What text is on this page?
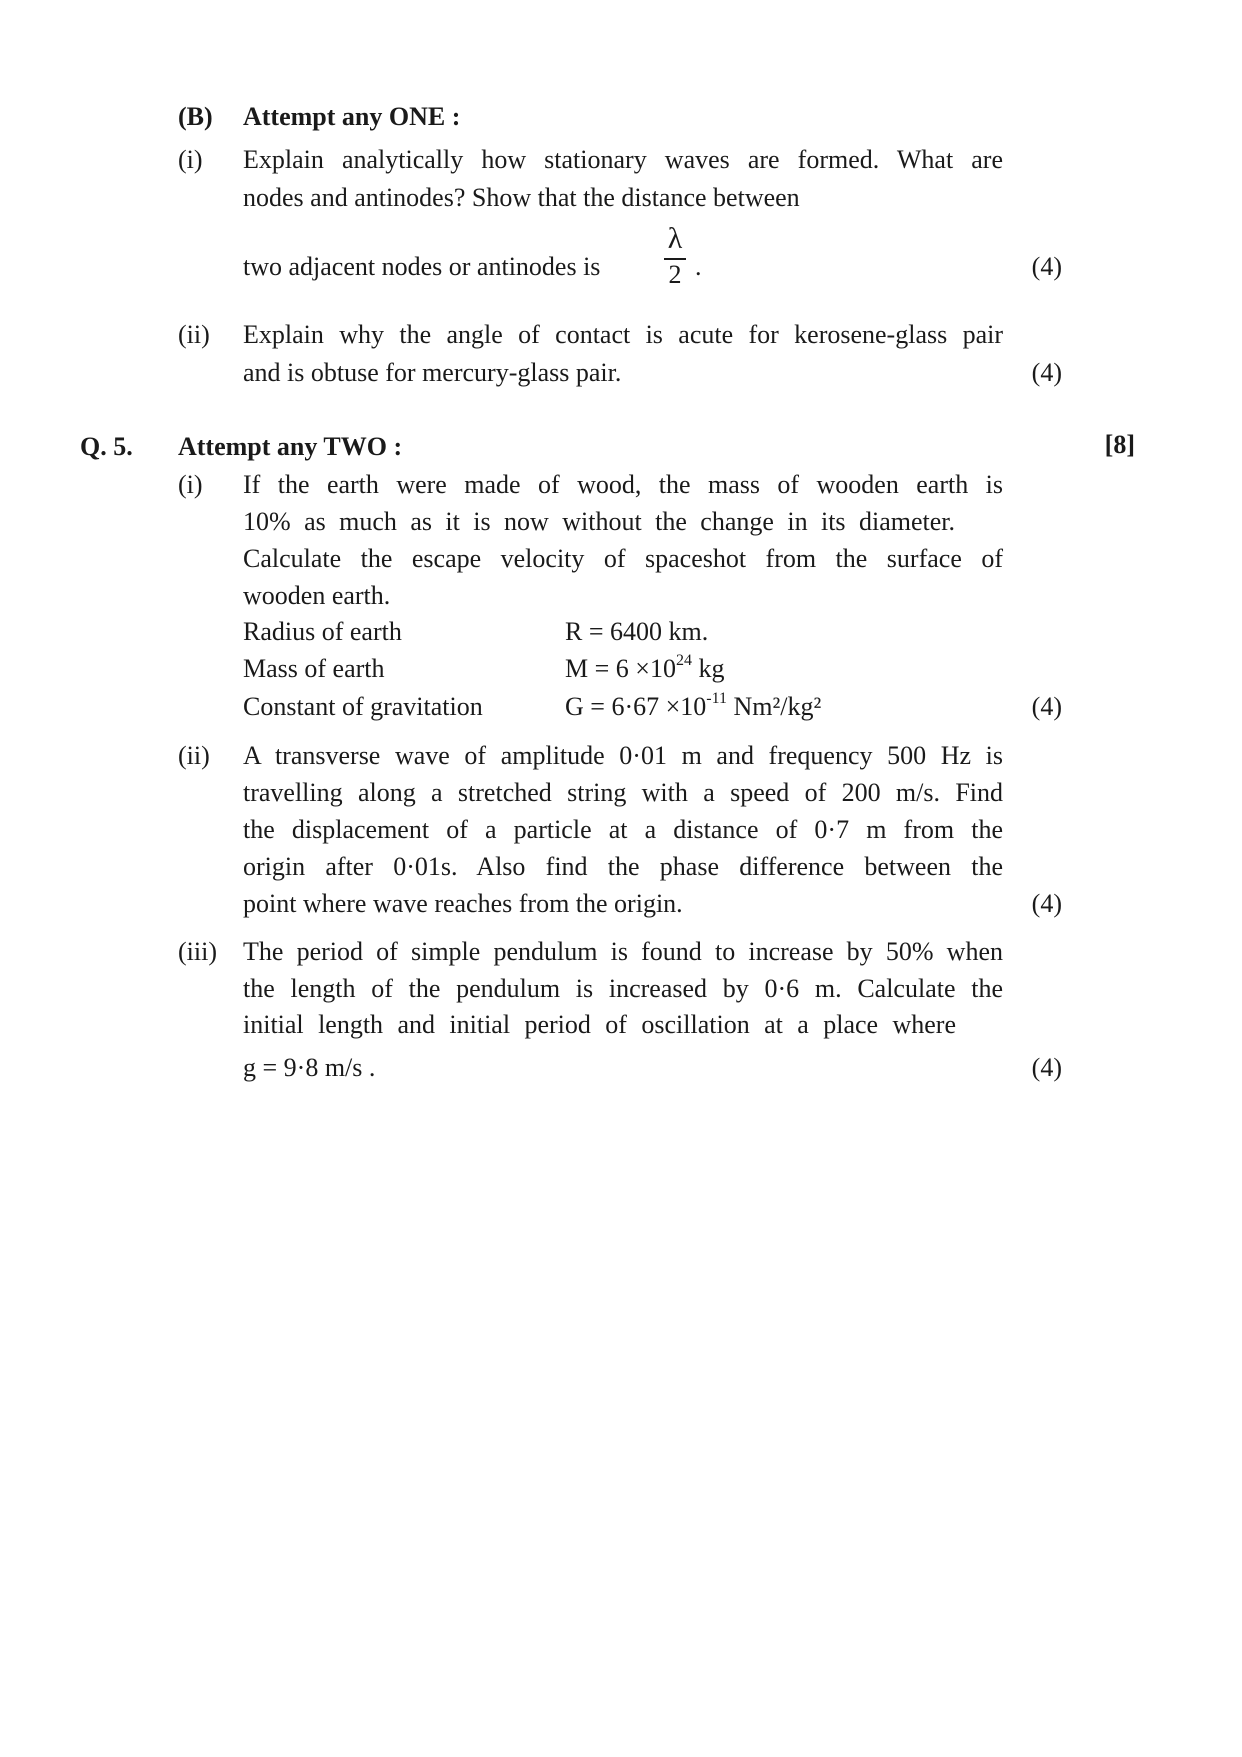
(B) Attempt any ONE :
(i) Explain analytically how stationary waves are formed. What are
nodes and antinodes? Show that the distance between
two adjacent nodes or antinodes is
λ
2 .	(4)
(ii) Explain why the angle of contact is acute for kerosene-glass pair
and is obtuse for mercury-glass pair.	(4)
Q. 5. Attempt any TWO :	[8]
(i) If the earth were made of wood, the mass of wooden earth is
10% as much as it is now without the change in its diameter.
Calculate the escape velocity of spaceshot from the surface of
wooden earth.
Radius of earth	R = 6400 km.
Mass of earth	$M = 6 \times 10^{24}$ kg
Constant of gravitation	$G = 6\cdot 67 \times 10^{-11}$ Nm²/kg²	(4)
(ii) A transverse wave of amplitude 0·01 m and frequency 500 Hz is
travelling along a stretched string with a speed of 200 m/s. Find
the displacement of a particle at a distance of 0·7 m from the
origin after 0·01s. Also find the phase difference between the
point where wave reaches from the origin.	(4)
(iii) The period of simple pendulum is found to increase by 50% when
the length of the pendulum is increased by 0·6 m. Calculate the
initial length and initial period of oscillation at a place where
g = 9·8 m/s .	(4)
